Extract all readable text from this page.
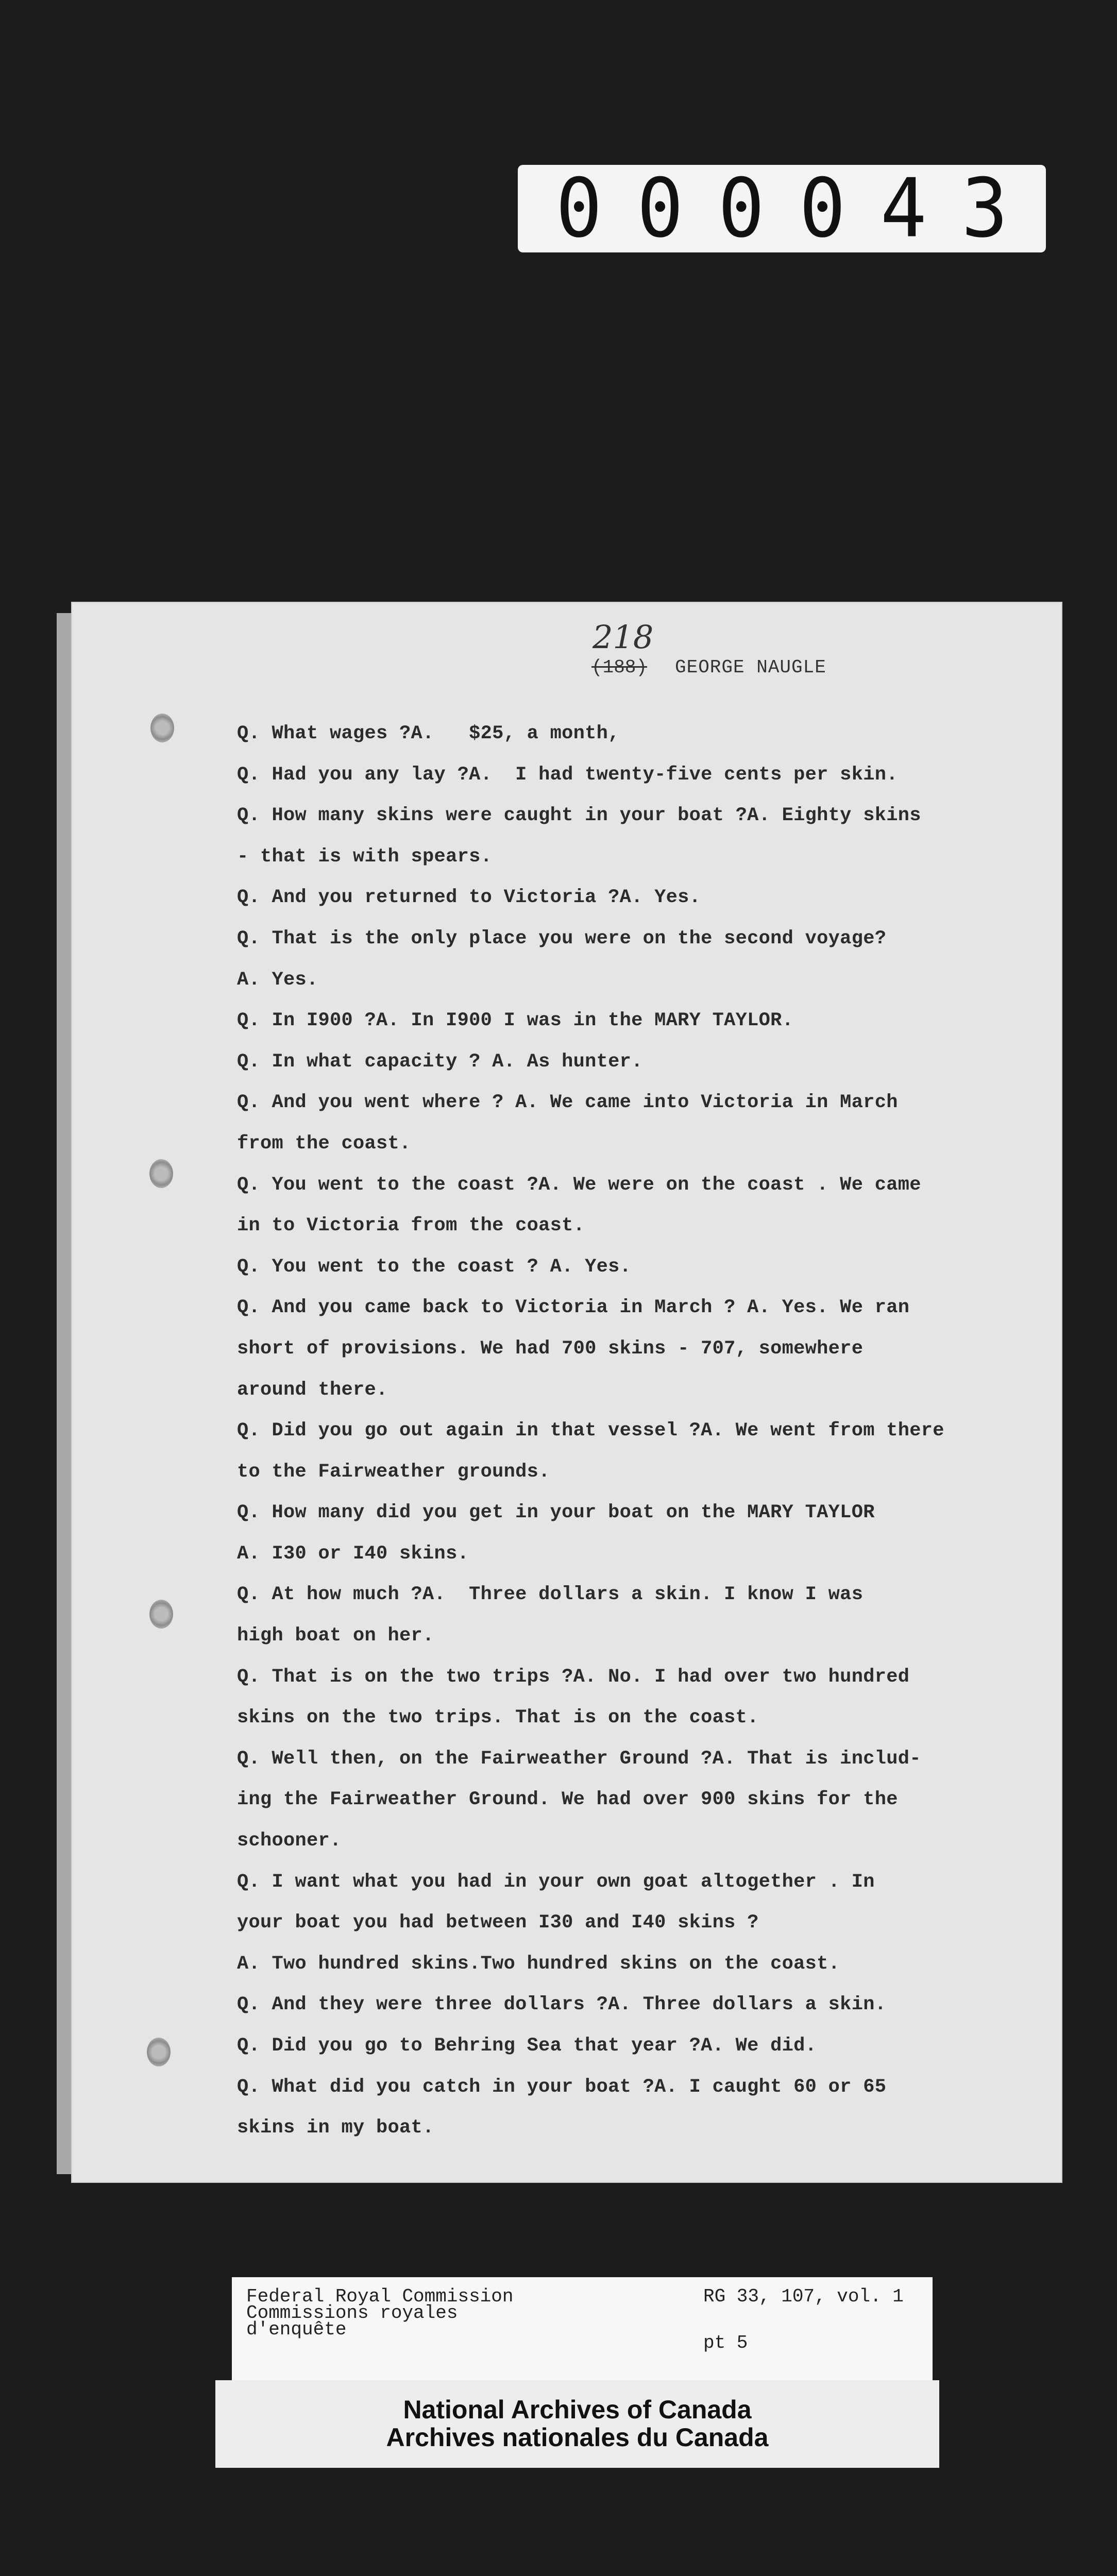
0 0 0 0 4 3
218
(188) GEORGE NAUGLE
Q. What wages ?A.   $25, a month,
Q. Had you any lay ?A.  I had twenty-five cents per skin.
Q. How many skins were caught in your boat ?A. Eighty skins
- that is with spears.
Q. And you returned to Victoria ?A. Yes.
Q. That is the only place you were on the second voyage?
A. Yes.
Q. In I900 ?A. In I900 I was in the MARY TAYLOR.
Q. In what capacity ? A. As hunter.
Q. And you went where ? A. We came into Victoria in March
from the coast.
Q. You went to the coast ?A. We were on the coast . We came
in to Victoria from the coast.
Q. You went to the coast ? A. Yes.
Q. And you came back to Victoria in March ? A. Yes. We ran
short of provisions. We had 700 skins - 707, somewhere
around there.
Q. Did you go out again in that vessel ?A. We went from there
to the Fairweather grounds.
Q. How many did you get in your boat on the MARY TAYLOR
A. I30 or I40 skins.
Q. At how much ?A.  Three dollars a skin. I know I was
high boat on her.
Q. That is on the two trips ?A. No. I had over two hundred
skins on the two trips. That is on the coast.
Q. Well then, on the Fairweather Ground ?A. That is includ-
ing the Fairweather Ground. We had over 900 skins for the
schooner.
Q. I want what you had in your own goat altogether . In
your boat you had between I30 and I40 skins ?
A. Two hundred skins.Two hundred skins on the coast.
Q. And they were three dollars ?A. Three dollars a skin.
Q. Did you go to Behring Sea that year ?A. We did.
Q. What did you catch in your boat ?A. I caught 60 or 65
skins in my boat.
Federal Royal Commission
Commissions royales
d'enquête
RG 33, 107, vol. 1
pt 5
National Archives of Canada
Archives nationales du Canada
